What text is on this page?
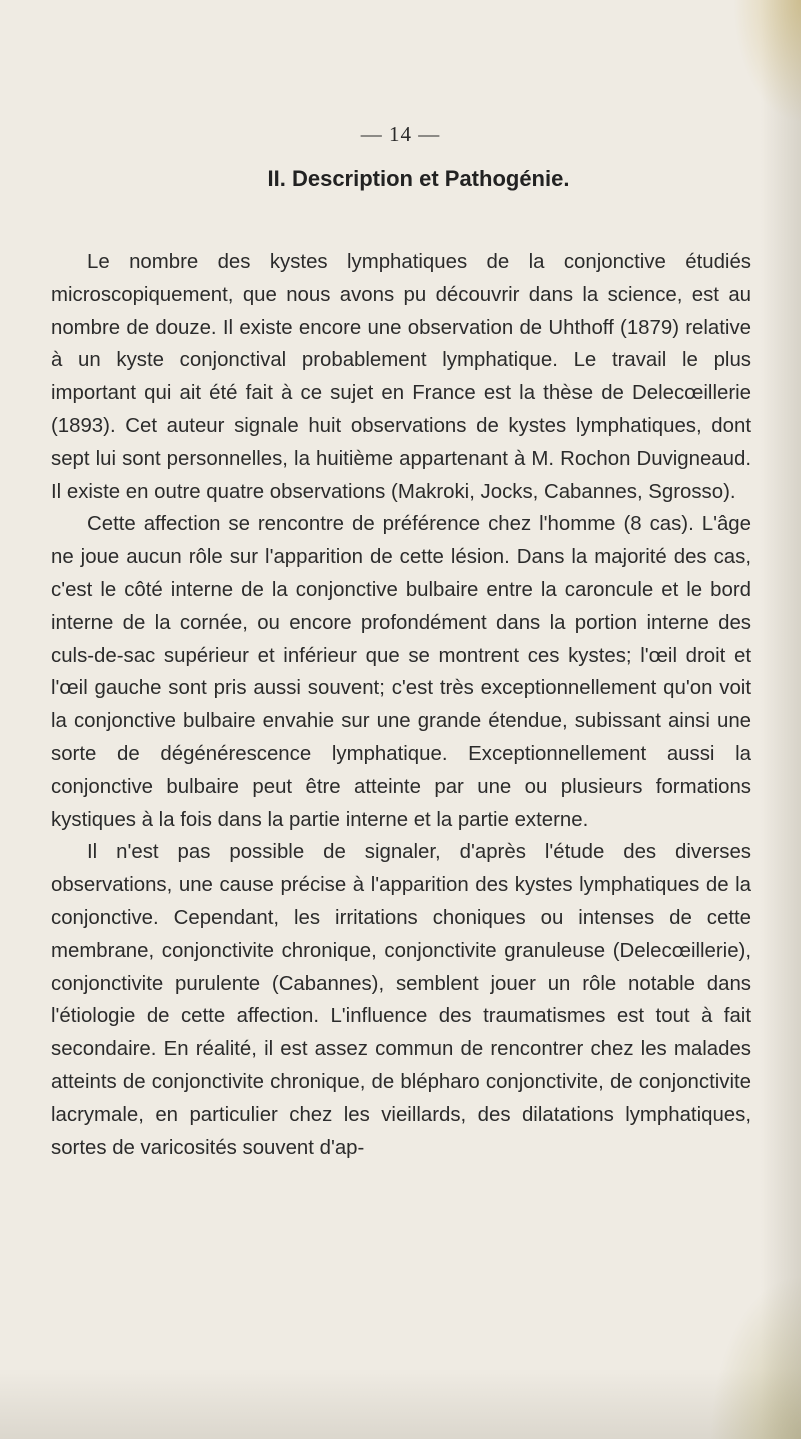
— 14 —
II. Description et Pathogénie.

Le nombre des kystes lymphatiques de la conjonctive étudiés microscopiquement, que nous avons pu découvrir dans la science, est au nombre de douze. Il existe encore une observation de Uhthoff (1879) relative à un kyste conjonctival probablement lymphatique. Le travail le plus important qui ait été fait à ce sujet en France est la thèse de Delecœillerie (1893). Cet auteur signale huit observations de kystes lymphatiques, dont sept lui sont personnelles, la huitième appartenant à M. Rochon Duvigneaud. Il existe en outre quatre observations (Makroki, Jocks, Cabannes, Sgrosso).

Cette affection se rencontre de préférence chez l'homme (8 cas). L'âge ne joue aucun rôle sur l'apparition de cette lésion. Dans la majorité des cas, c'est le côté interne de la conjonctive bulbaire entre la caroncule et le bord interne de la cornée, ou encore profondément dans la portion interne des culs-de-sac supérieur et inférieur que se montrent ces kystes; l'œil droit et l'œil gauche sont pris aussi souvent; c'est très exceptionnellement qu'on voit la conjonctive bulbaire envahie sur une grande étendue, subissant ainsi une sorte de dégénérescence lymphatique. Exceptionnellement aussi la conjonctive bulbaire peut être atteinte par une ou plusieurs formations kystiques à la fois dans la partie interne et la partie externe.

Il n'est pas possible de signaler, d'après l'étude des diverses observations, une cause précise à l'apparition des kystes lymphatiques de la conjonctive. Cependant, les irritations choniques ou intenses de cette membrane, conjonctivite chronique, conjonctivite granuleuse (Delecœillerie), conjonctivite purulente (Cabannes), semblent jouer un rôle notable dans l'étiologie de cette affection. L'influence des traumatismes est tout à fait secondaire. En réalité, il est assez commun de rencontrer chez les malades atteints de conjonctivite chronique, de blépharo conjonctivite, de conjonctivite lacrymale, en particulier chez les vieillards, des dilatations lymphatiques, sortes de varicosités souvent d'ap-
